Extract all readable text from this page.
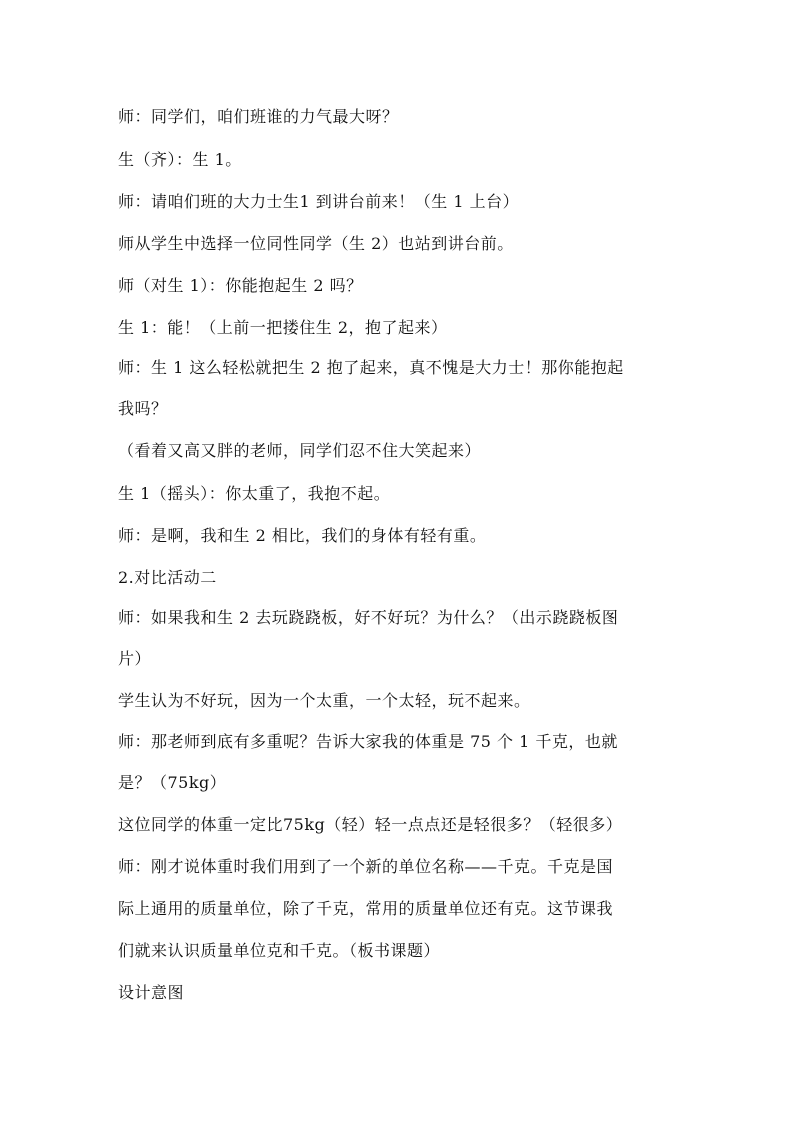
师：同学们，咱们班谁的力气最大呀？
生（齐）：生 1。
师：请咱们班的大力士生1 到讲台前来！（生 1 上台）
师从学生中选择一位同性同学（生 2）也站到讲台前。
师（对生 1）：你能抱起生 2 吗？
生 1：能！（上前一把搂住生 2，抱了起来）
师：生 1 这么轻松就把生 2 抱了起来，真不愧是大力士！那你能抱起
我吗？
（看着又高又胖的老师，同学们忍不住大笑起来）
生 1（摇头）：你太重了，我抱不起。
师：是啊，我和生 2 相比，我们的身体有轻有重。
2.对比活动二
师：如果我和生 2 去玩跷跷板，好不好玩？为什么？（出示跷跷板图
片）
学生认为不好玩，因为一个太重，一个太轻，玩不起来。
师：那老师到底有多重呢？告诉大家我的体重是 75 个 1 千克，也就
是？（75kg）
这位同学的体重一定比75kg（轻）轻一点点还是轻很多？（轻很多）
师：刚才说体重时我们用到了一个新的单位名称——千克。千克是国
际上通用的质量单位，除了千克，常用的质量单位还有克。这节课我
们就来认识质量单位克和千克。（板书课题）
设计意图
